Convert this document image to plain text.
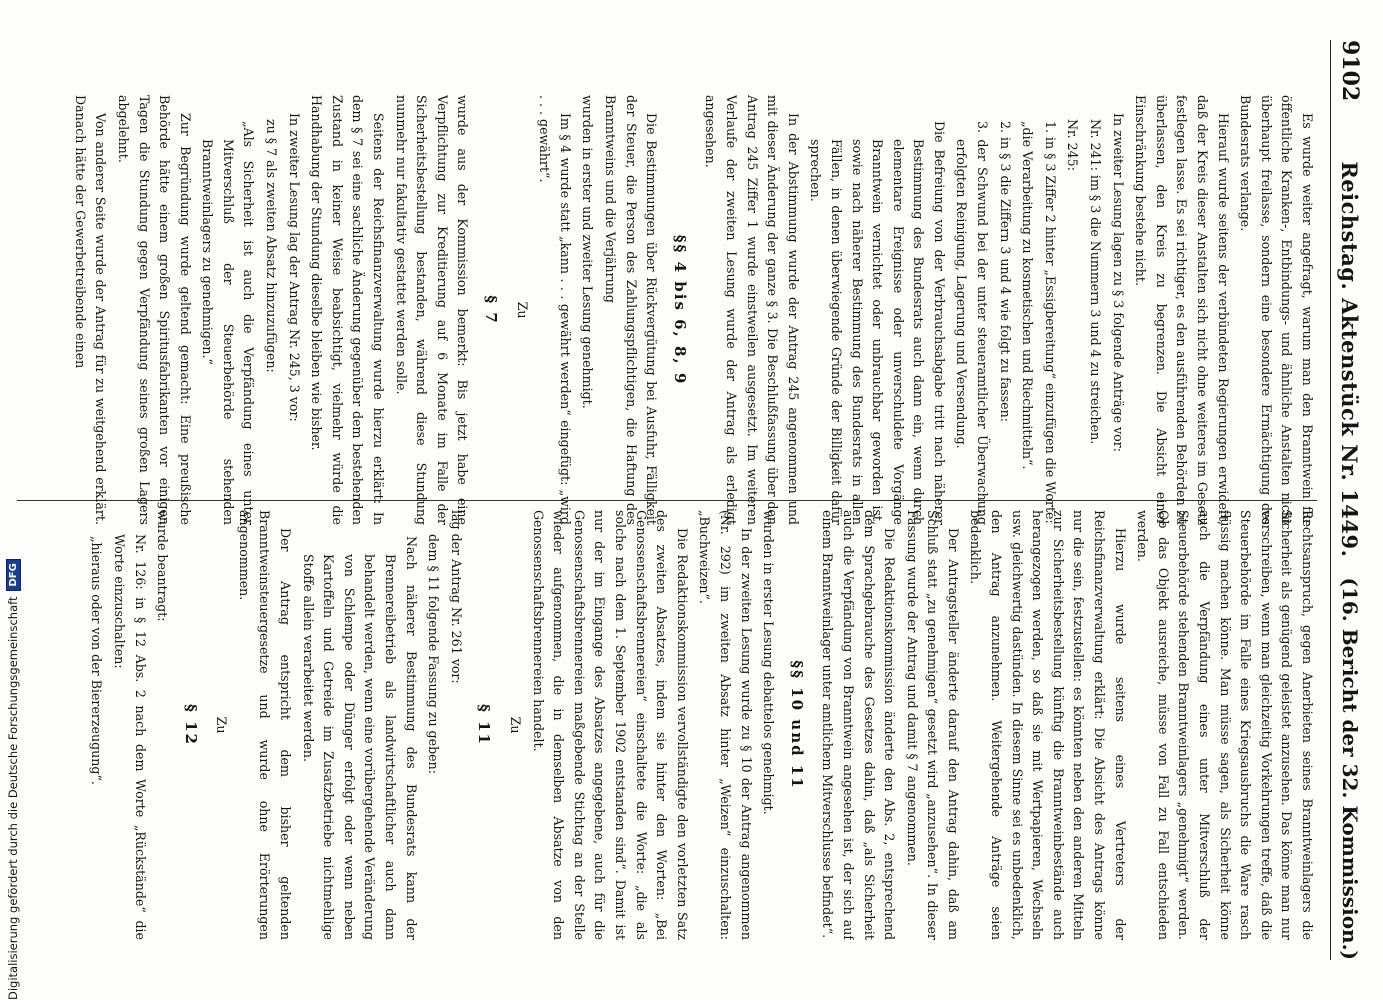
9102
Reichstag. Aktenstück Nr. 1449.
(16. Bericht der 32. Kommission.)

Es wurde weiter angefragt, warum man den Branntwein für öffentliche Kranken-, Entbindungs- und ähnliche Anstalten nicht überhaupt freilasse, sondern eine besondere Ermächtigung des Bundesrats verlange.

Hierauf wurde seitens der verbündeten Regierungen erwidert, daß der Kreis dieser Anstalten sich nicht ohne weiteres im Gesetz festlegen lasse. Es sei richtiger, es den ausführenden Behörden zu überlassen, den Kreis zu begrenzen. Die Absicht einer Einschränkung bestehe nicht.

In zweiter Lesung lagen zu § 3 folgende Anträge vor:

Nr. 241: im § 3 die Nummern 3 und 4 zu streichen.

Nr. 245:

1. in § 3 Ziffer 2 hinter „Essigbereitung“ einzufügen die Worte:

„die Verarbeitung zu kosmetischen und Riechmitteln“.

2. in § 3 die Ziffern 3 und 4 wie folgt zu fassen:

3. der Schwund bei der unter steueramtlicher Überwachung erfolgten Reinigung, Lagerung und Versendung.

Die Befreiung von der Verbrauchsabgabe tritt nach näherer Bestimmung des Bundesrats auch dann ein, wenn durch elementare Ereignisse oder unverschuldete Vorgänge Branntwein vernichtet oder unbrauchbar geworden ist, sowie nach näherer Bestimmung des Bundesrats in allen Fällen, in denen überwiegende Gründe der Billigkeit dafür sprechen.

In der Abstimmung wurde der Antrag 245 angenommen und mit dieser Änderung der ganze § 3. Die Beschlußfassung über den Antrag 245 Ziffer 1 wurde einstweilen ausgesetzt. Im weiteren Verlaufe der zweiten Lesung wurde der Antrag als erledigt angesehen.

§§ 4 bis 6, 8, 9

Die Bestimmungen über Rückvergütung bei Ausfuhr, Fälligkeit der Steuer, die Person des Zahlungspflichtigen, die Haftung des Branntweins und die Verjährung

wurden in erster und zweiter Lesung genehmigt.

Im § 4 wurde statt „kann . . . gewährt werden“ eingefügt: „wird . . . gewährt“.

Zu

§ 7

wurde aus der Kommission bemerkt: Bis jetzt habe eine Verpflichtung zur Kreditierung auf 6 Monate im Falle der Sicherheitsbestellung bestanden, während diese Stundung nunmehr nur fakultativ gestattet werden solle.

Seitens der Reichsfinanzverwaltung wurde hierzu erklärt: In dem § 7 sei eine sachliche Änderung gegenüber dem bestehenden Zustand in keiner Weise beabsichtigt, vielmehr würde die Handhabung der Stundung dieselbe bleiben wie bisher.

In zweiter Lesung lag der Antrag Nr. 245, 3 vor:

zu § 7 als zweiten Absatz hinzuzufügen:

„Als Sicherheit ist auch die Verpfändung eines unter Mitverschluß der Steuerbehörde stehenden Branntweinlagers zu genehmigen.“

Zur Begründung wurde geltend gemacht: Eine preußische Behörde hätte einem großen Spiritusfabrikanten vor einigen Tagen die Stundung gegen Verpfändung seines großen Lagers abgelehnt.

Von anderer Seite wurde der Antrag für zu weitgehend erklärt. Danach hätte der Gewerbetreibende einen

Rechtsanspruch, gegen Anerbieten seines Branntweinlagers die Sicherheit als genügend geleistet anzusehen. Das könne man nur vorschreiben, wenn man gleichzeitig Vorkehrungen treffe, daß die Steuerbehörde im Falle eines Kriegsausbruchs die Ware rasch flüssig machen könne. Man müsse sagen, als Sicherheit könne auch die Verpfändung eines unter Mitverschluß der Steuerbehörde stehenden Branntweinlagers „genehmigt“ werden. Ob das Objekt ausreiche, müsse von Fall zu Fall entschieden werden.

Hierzu wurde seitens eines Vertreters der Reichsfinanzverwaltung erklärt: Die Absicht des Antrags könne nur die sein, festzustellen: es könnten neben den anderen Mitteln zur Sicherheitsbestellung künftig die Branntweinbestände auch herangezogen werden, so daß sie mit Wertpapieren, Wechseln usw. gleichwertig dastünden. In diesem Sinne sei es unbedenklich, den Antrag anzunehmen. Weitergehende Anträge seien bedenklich.

Der Antragsteller änderte darauf den Antrag dahin, daß am Schluß statt „zu genehmigen“ gesetzt wird „anzusehen“. In dieser Fassung wurde der Antrag und damit § 7 angenommen.

Die Redaktionskommission änderte den Abs. 2, entsprechend dem Sprachgebrauche des Gesetzes dahin, daß „als Sicherheit auch die Verpfändung von Branntwein angesehen ist, der sich auf einem Branntweinlager unter amtlichem Mitverschlusse befindet“.

§§ 10 und 11

wurden in erster Lesung debattelos genehmigt.

In der zweiten Lesung wurde zu § 10 der Antrag angenommen (Nr. 292) im zweiten Absatz hinter „Weizen“ einzuschalten: „Buchweizen“.

Die Redaktionskommission vervollständigte den vorletzten Satz des zweiten Absatzes, indem sie hinter den Worten: „Bei Genossenschaftsbrennereien“ einschaltete die Worte: „die als solche nach dem 1. September 1902 entstanden sind“. Damit ist nur der im Eingange des Absatzes angegebene, auch für die Genossenschaftsbrennereien maßgebende Stichtag an der Stelle wieder aufgenommen, die in demselben Absatze von den Genossenschaftsbrennereien handelt.

Zu

§ 11

lag der Antrag Nr. 261 vor:

dem § 11 folgende Fassung zu geben:

Nach näherer Bestimmung des Bundesrats kann der Brennereibetrieb als landwirtschaftlicher auch dann behandelt werden, wenn eine vorübergehende Veränderung von Schlempe oder Dünger erfolgt oder wenn neben Kartoffeln und Getreide im Zusatzbetriebe nichtmehlige Stoffe allein verarbeitet werden.

Der Antrag entspricht dem bisher geltenden Branntweinsteuergesetze und wurde ohne Erörterungen angenommen.

Zu

§ 12

wurde beantragt:

Nr. 126: in § 12 Abs. 2 nach dem Worte „Rückstände“ die Worte einzuschalten:

„hieraus oder von der Biererzeugung“.

Digitalisierung gefördert durch die Deutsche Forschungsgemeinschaft
DFG
